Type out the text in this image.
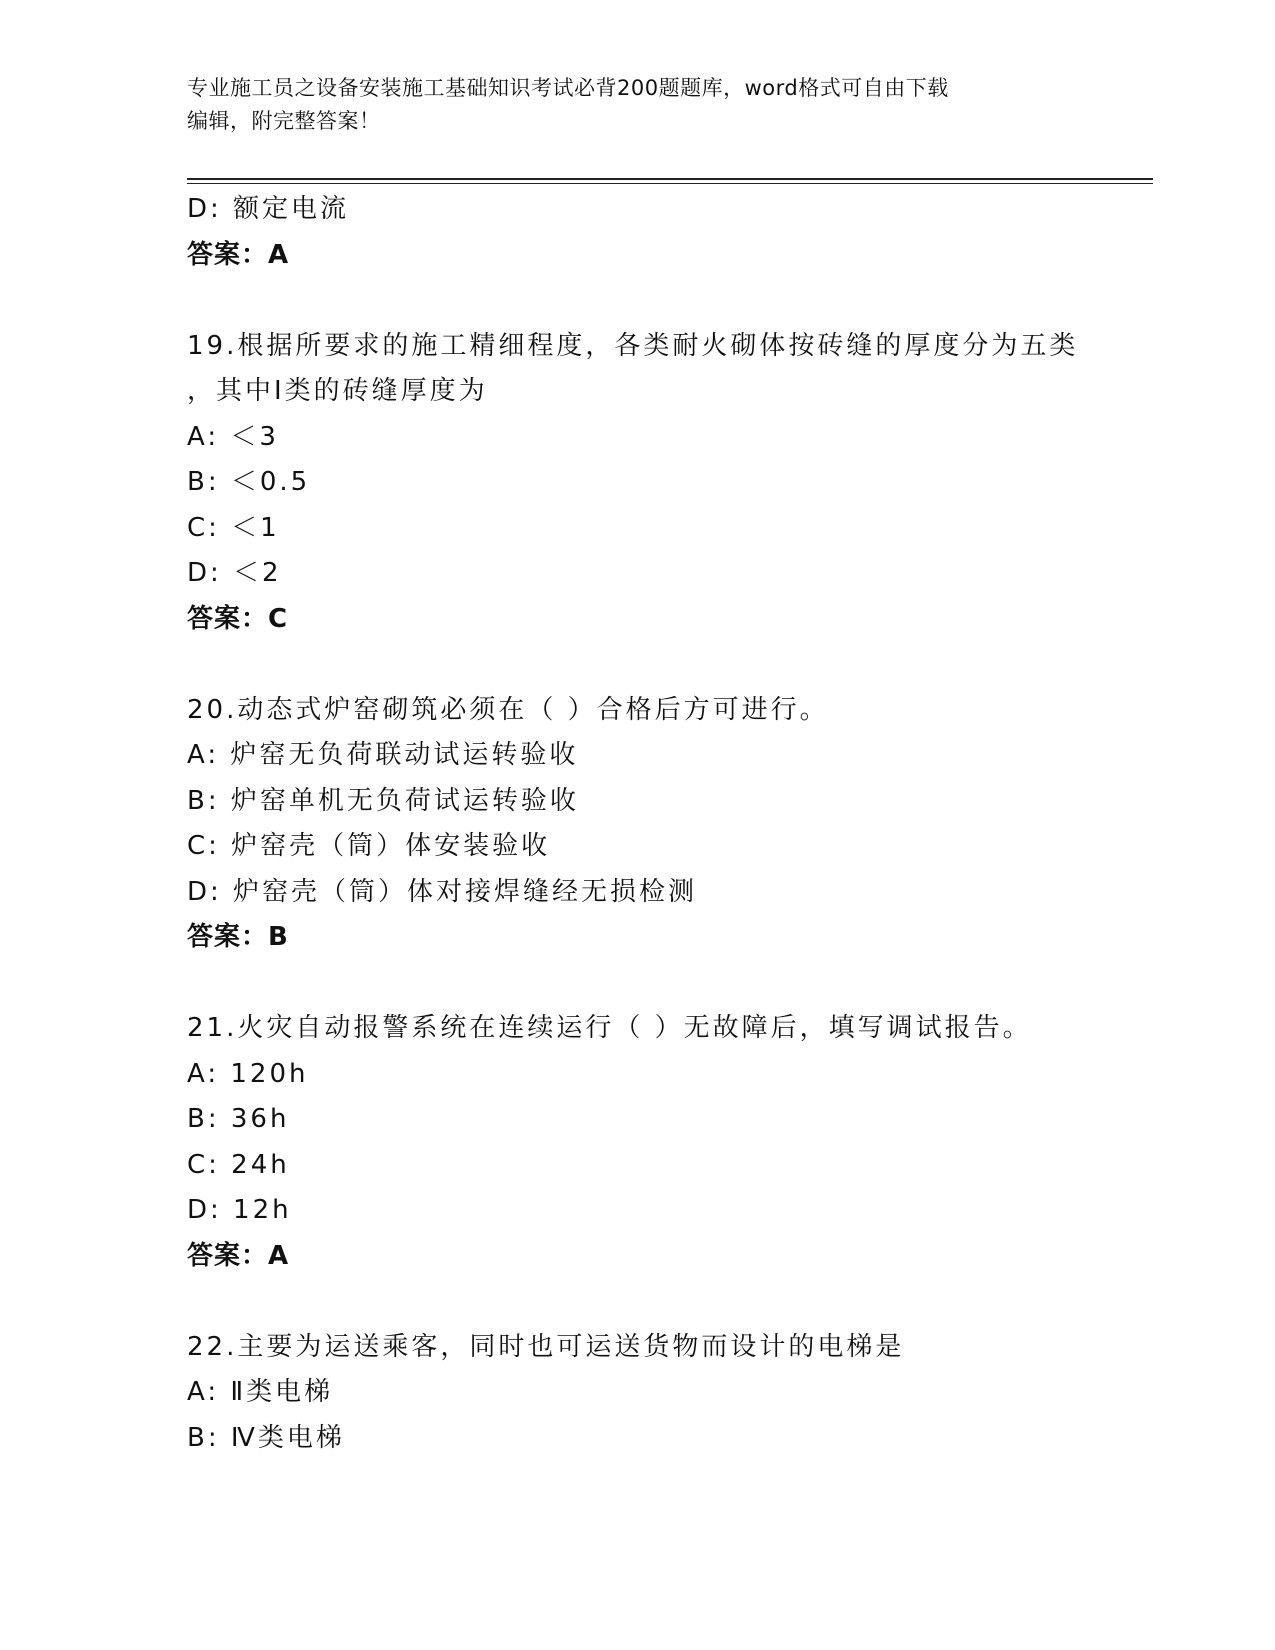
专业施工员之设备安装施工基础知识考试必背200题题库，word格式可自由下载
编辑，附完整答案！
D: 额定电流
答案：A
19.根据所要求的施工精细程度，各类耐火砌体按砖缝的厚度分为五类
，其中Ⅰ类的砖缝厚度为
A: ＜3
B: ＜0.5
C: ＜1
D: ＜2
答案：C
20.动态式炉窑砌筑必须在（ ）合格后方可进行。
A: 炉窑无负荷联动试运转验收
B: 炉窑单机无负荷试运转验收
C: 炉窑壳（筒）体安装验收
D: 炉窑壳（筒）体对接焊缝经无损检测
答案：B
21.火灾自动报警系统在连续运行（ ）无故障后，填写调试报告。
A: 120h
B: 36h
C: 24h
D: 12h
答案：A
22.主要为运送乘客，同时也可运送货物而设计的电梯是
A: Ⅱ类电梯
B: Ⅳ类电梯
